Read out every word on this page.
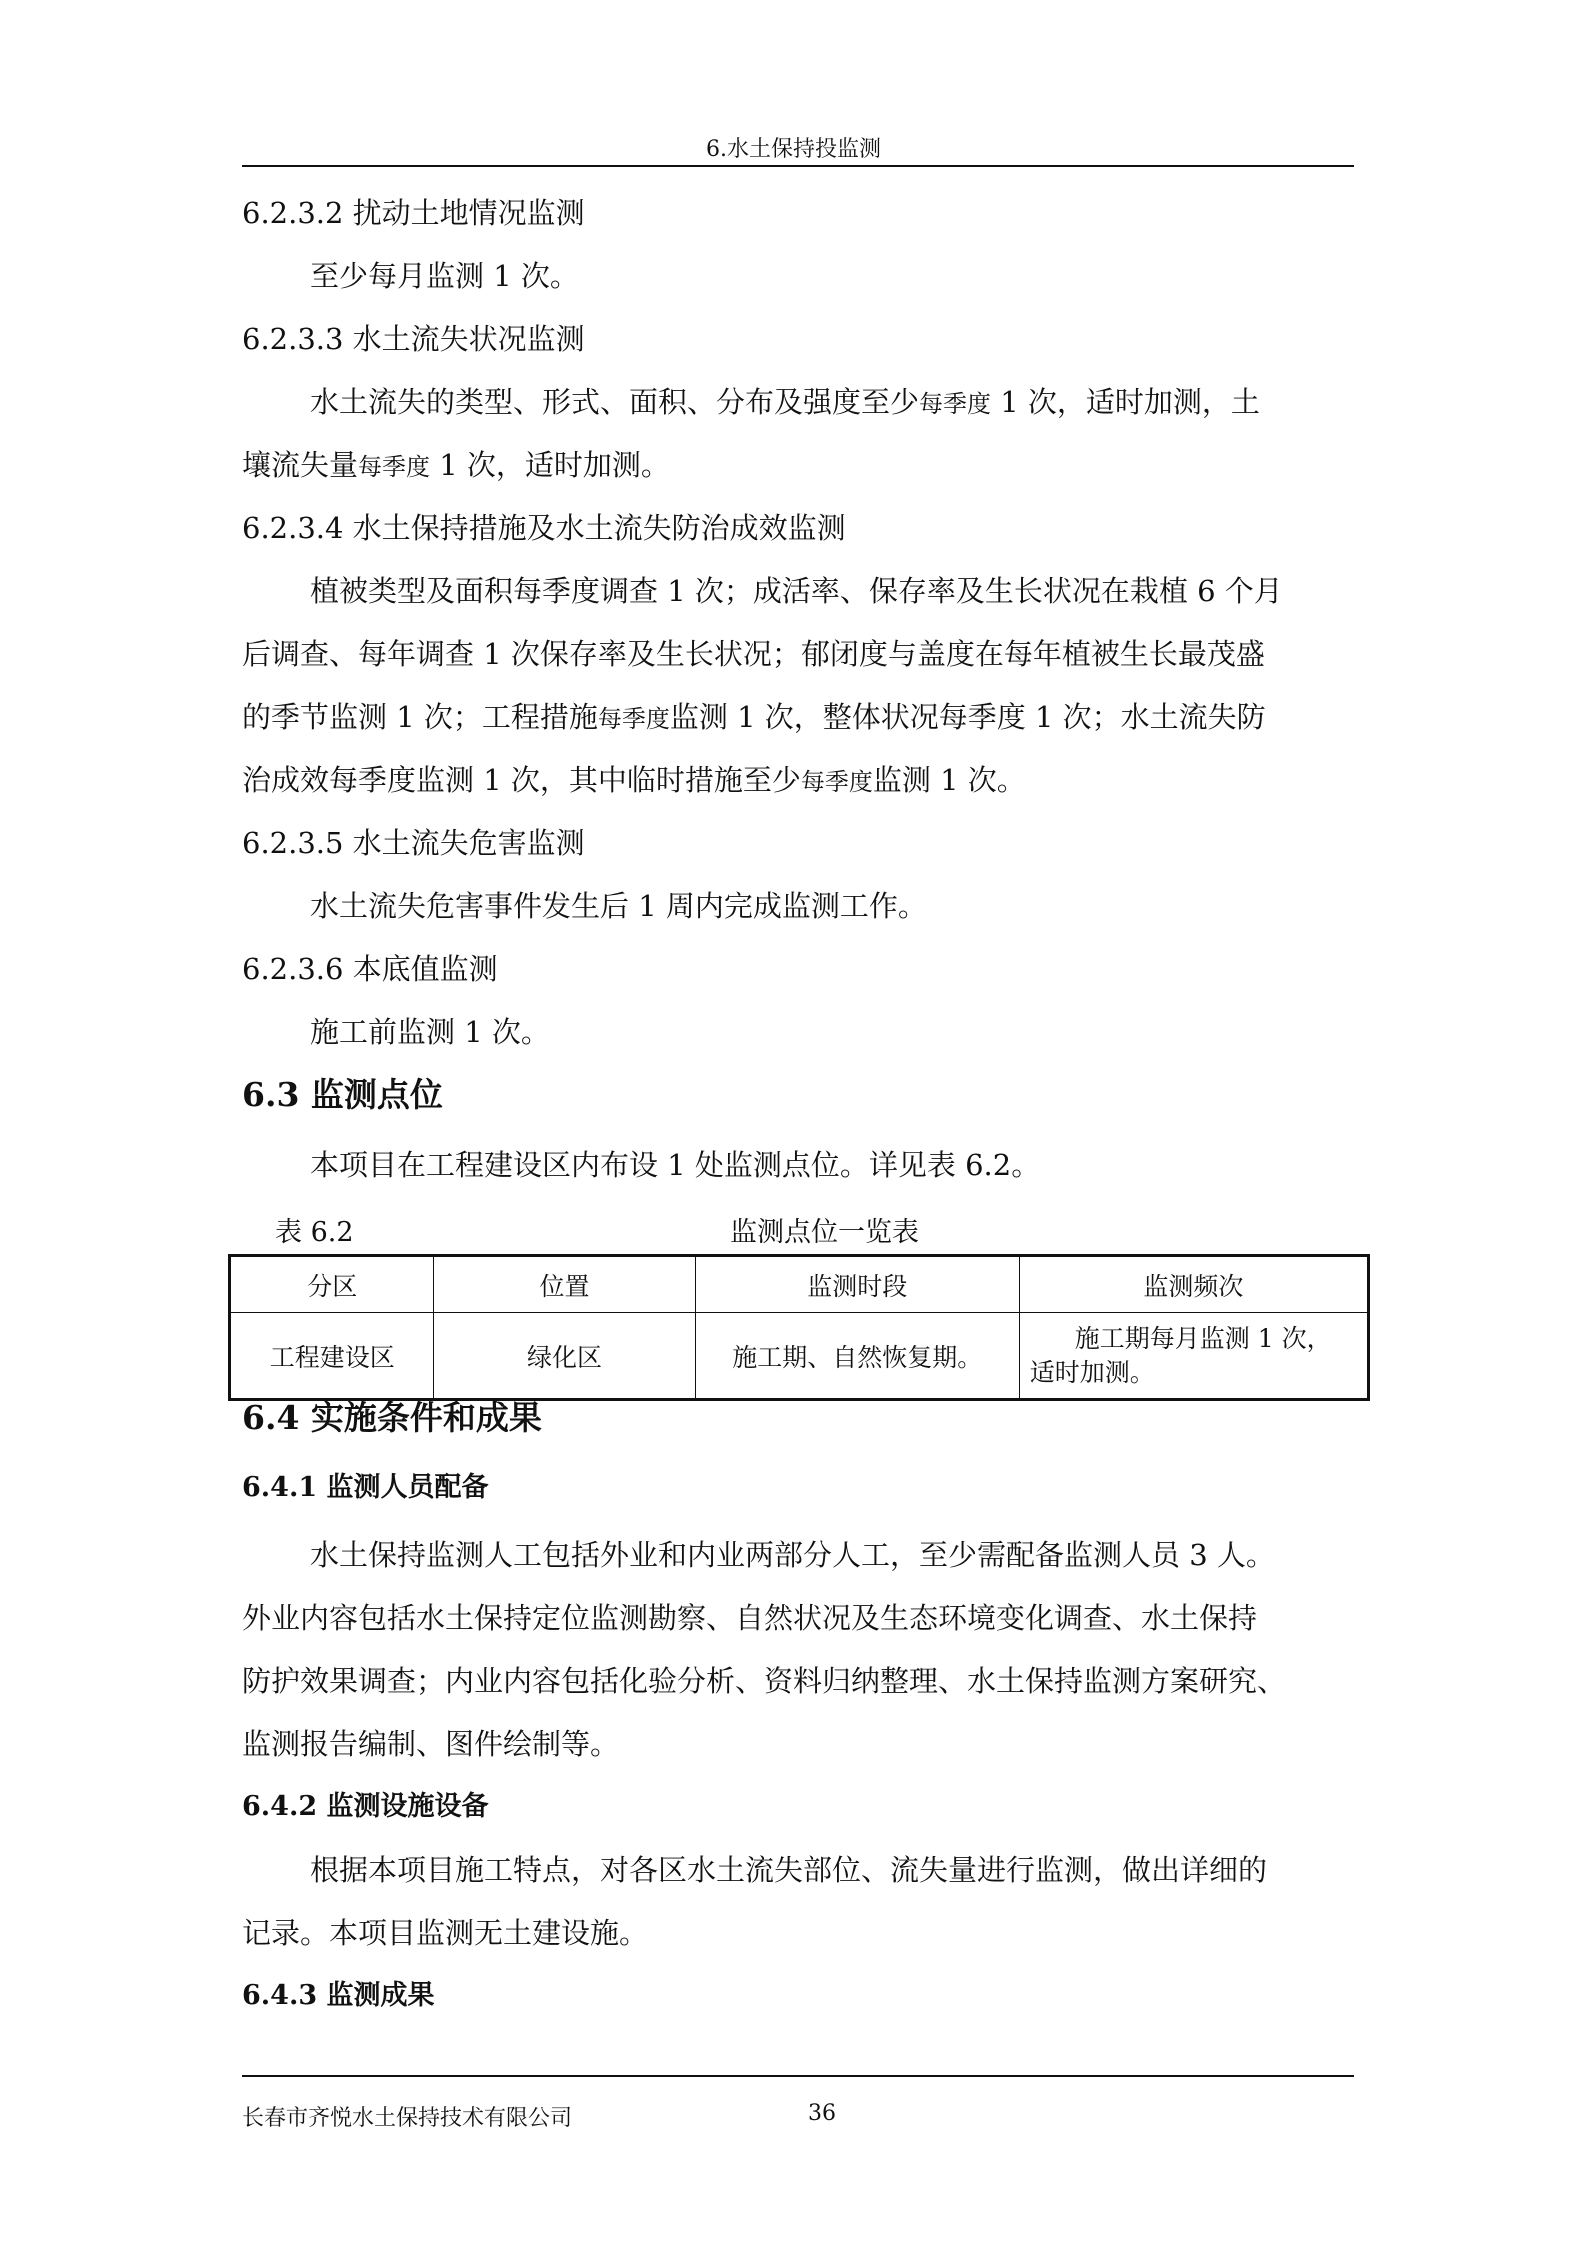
6.水土保持投监测
6.2.3.2 扰动土地情况监测
至少每月监测 1 次。
6.2.3.3 水土流失状况监测
水土流失的类型、形式、面积、分布及强度至少每季度 1 次，适时加测，土
壤流失量每季度 1 次，适时加测。
6.2.3.4 水土保持措施及水土流失防治成效监测
植被类型及面积每季度调查 1 次；成活率、保存率及生长状况在栽植 6 个月
后调查、每年调查 1 次保存率及生长状况；郁闭度与盖度在每年植被生长最茂盛
的季节监测 1 次；工程措施每季度监测 1 次，整体状况每季度 1 次；水土流失防
治成效每季度监测 1 次，其中临时措施至少每季度监测 1 次。
6.2.3.5 水土流失危害监测
水土流失危害事件发生后 1 周内完成监测工作。
6.2.3.6 本底值监测
施工前监测 1 次。
6.3 监测点位
本项目在工程建设区内布设 1 处监测点位。详见表 6.2。
表 6.2	监测点位一览表
分区	位置	监测时段	监测频次
工程建设区	绿化区	施工期、自然恢复期。	施工期每月监测 1 次，
适时加测。
6.4 实施条件和成果
6.4.1 监测人员配备
水土保持监测人工包括外业和内业两部分人工，至少需配备监测人员 3 人。
外业内容包括水土保持定位监测勘察、自然状况及生态环境变化调查、水土保持
防护效果调查；内业内容包括化验分析、资料归纳整理、水土保持监测方案研究、
监测报告编制、图件绘制等。
6.4.2 监测设施设备
根据本项目施工特点，对各区水土流失部位、流失量进行监测，做出详细的
记录。本项目监测无土建设施。
6.4.3 监测成果
长春市齐悦水土保持技术有限公司	36
